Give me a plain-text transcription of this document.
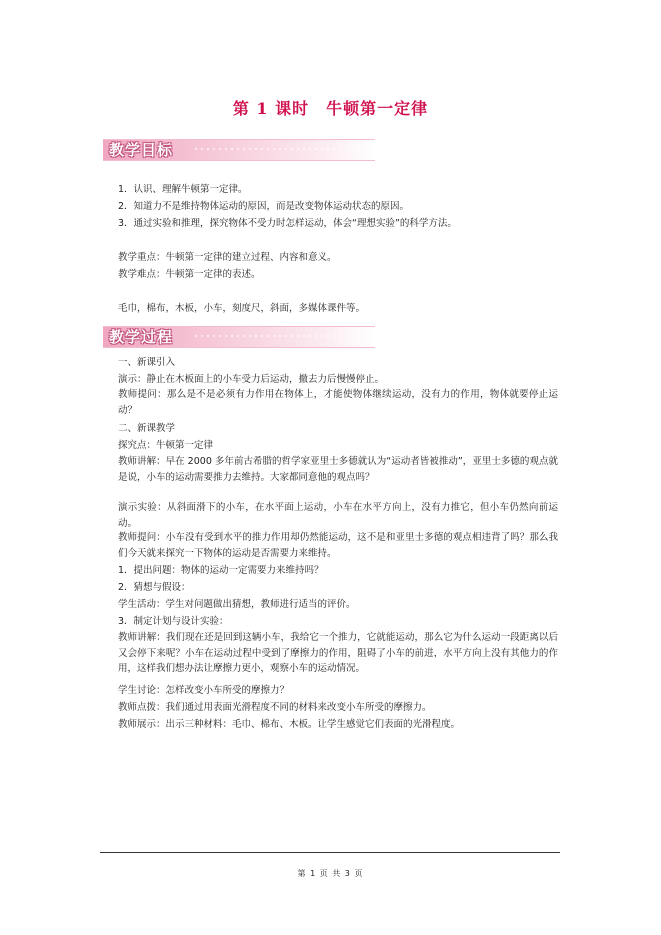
第 1 课时　牛顿第一定律
教学目标
1．认识、理解牛顿第一定律。
2．知道力不是维持物体运动的原因，而是改变物体运动状态的原因。
3．通过实验和推理，探究物体不受力时怎样运动，体会“理想实验”的科学方法。
教学重点：牛顿第一定律的建立过程、内容和意义。
教学难点：牛顿第一定律的表述。
毛巾，棉布，木板，小车，刻度尺，斜面，多媒体课件等。
教学过程
一、新课引入
演示：静止在木板面上的小车受力后运动，撤去力后慢慢停止。
教师提问：那么是不是必须有力作用在物体上，才能使物体继续运动，没有力的作用，物体就要停止运动？
二、新课教学
探究点：牛顿第一定律
教师讲解：早在 2000 多年前古希腊的哲学家亚里士多德就认为“运动者皆被推动”，亚里士多德的观点就是说，小车的运动需要推力去维持。大家都同意他的观点吗？
演示实验：从斜面滑下的小车，在水平面上运动，小车在水平方向上，没有力推它，但小车仍然向前运动。
教师提问：小车没有受到水平的推力作用却仍然能运动，这不是和亚里士多德的观点相违背了吗？那么我们今天就来探究一下物体的运动是否需要力来维持。
1．提出问题：物体的运动一定需要力来维持吗？
2．猜想与假设：
学生活动：学生对问题做出猜想，教师进行适当的评价。
3．制定计划与设计实验：
教师讲解：我们现在还是回到这辆小车，我给它一个推力，它就能运动，那么它为什么运动一段距离以后又会停下来呢？小车在运动过程中受到了摩擦力的作用，阻碍了小车的前进，水平方向上没有其他力的作用，这样我们想办法让摩擦力更小，观察小车的运动情况。
学生讨论：怎样改变小车所受的摩擦力？
教师点拨：我们通过用表面光滑程度不同的材料来改变小车所受的摩擦力。
教师展示：出示三种材料：毛巾、棉布、木板。让学生感觉它们表面的光滑程度。
第 1 页 共 3 页
